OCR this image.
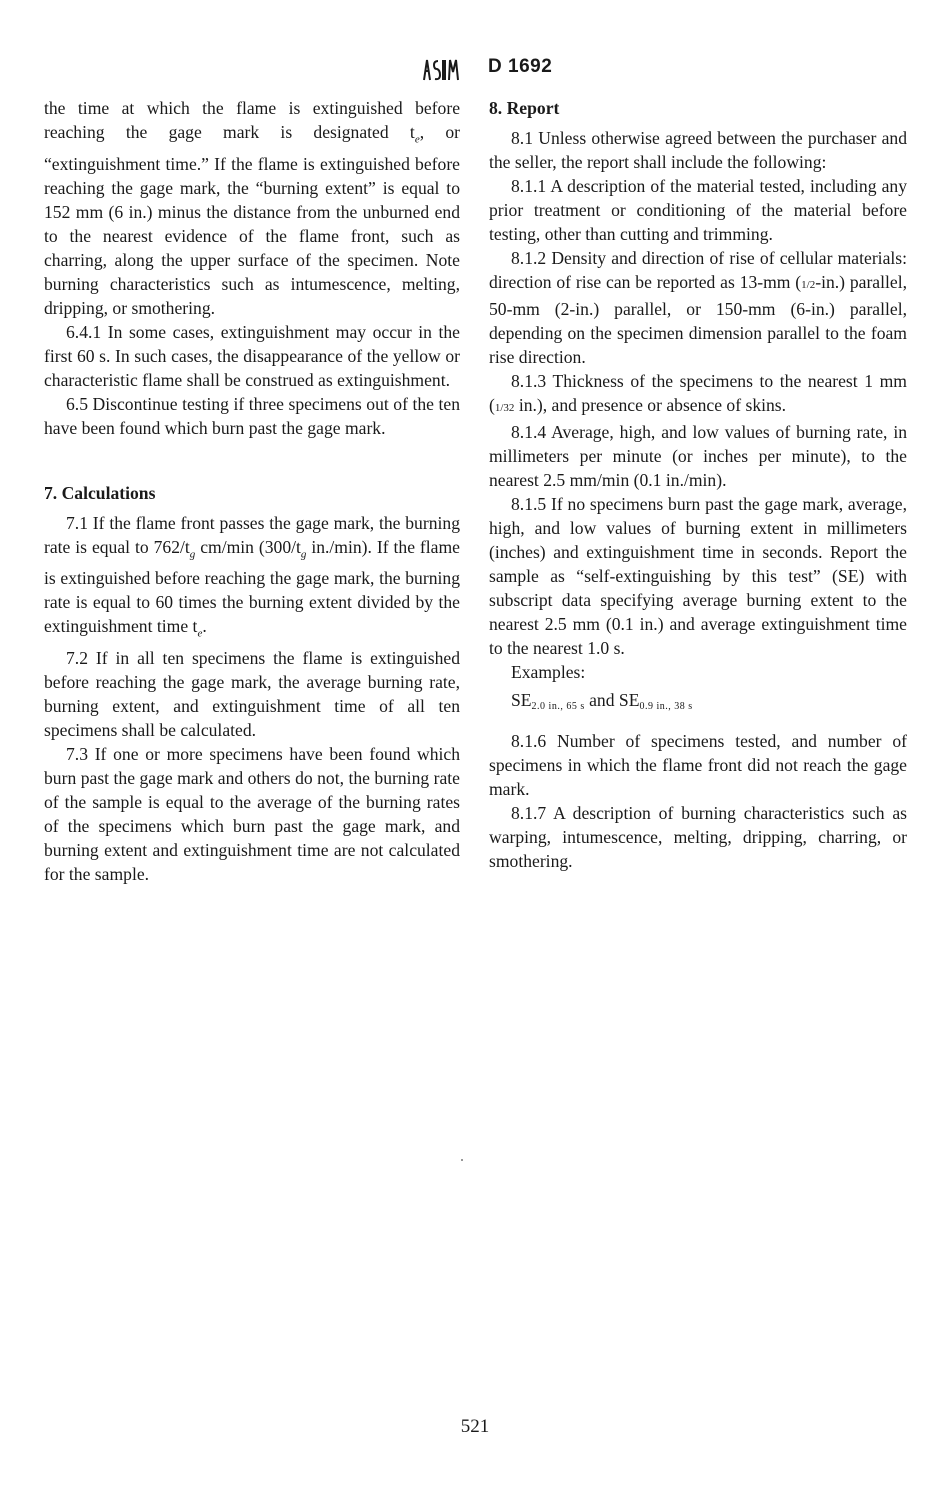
D 1692

the time at which the flame is extinguished before reaching the gage mark is designated $t_e$, or “extinguishment time.” If the flame is extinguished before reaching the gage mark, the “burning extent” is equal to 152 mm (6 in.) minus the distance from the unburned end to the nearest evidence of the flame front, such as charring, along the upper surface of the specimen. Note burning characteristics such as intumescence, melting, dripping, or smothering.

6.4.1 In some cases, extinguishment may occur in the first 60 s. In such cases, the disappearance of the yellow or characteristic flame shall be construed as extinguishment.

6.5 Discontinue testing if three specimens out of the ten have been found which burn past the gage mark.

7. Calculations

7.1 If the flame front passes the gage mark, the burning rate is equal to $762/t_g$ cm/min ($300/t_g$ in./min). If the flame is extinguished before reaching the gage mark, the burning rate is equal to 60 times the burning extent divided by the extinguishment time $t_e$.

7.2 If in all ten specimens the flame is extinguished before reaching the gage mark, the average burning rate, burning extent, and extinguishment time of all ten specimens shall be calculated.

7.3 If one or more specimens have been found which burn past the gage mark and others do not, the burning rate of the sample is equal to the average of the burning rates of the specimens which burn past the gage mark, and burning extent and extinguishment time are not calculated for the sample.

8. Report

8.1 Unless otherwise agreed between the purchaser and the seller, the report shall include the following:

8.1.1 A description of the material tested, including any prior treatment or conditioning of the material before testing, other than cutting and trimming.

8.1.2 Density and direction of rise of cellular materials: direction of rise can be reported as 13-mm (1/2-in.) parallel, 50-mm (2-in.) parallel, or 150-mm (6-in.) parallel, depending on the specimen dimension parallel to the foam rise direction.

8.1.3 Thickness of the specimens to the nearest 1 mm (1/32 in.), and presence or absence of skins.

8.1.4 Average, high, and low values of burning rate, in millimeters per minute (or inches per minute), to the nearest 2.5 mm/min (0.1 in./min).

8.1.5 If no specimens burn past the gage mark, average, high, and low values of burning extent in millimeters (inches) and extinguishment time in seconds. Report the sample as “self-extinguishing by this test” (SE) with subscript data specifying average burning extent to the nearest 2.5 mm (0.1 in.) and average extinguishment time to the nearest 1.0 s.

Examples:

$SE_{2.0 in., 65 s}$ and $SE_{0.9 in., 38 s}$

8.1.6 Number of specimens tested, and number of specimens in which the flame front did not reach the gage mark.

8.1.7 A description of burning characteristics such as warping, intumescence, melting, dripping, charring, or smothering.

521
